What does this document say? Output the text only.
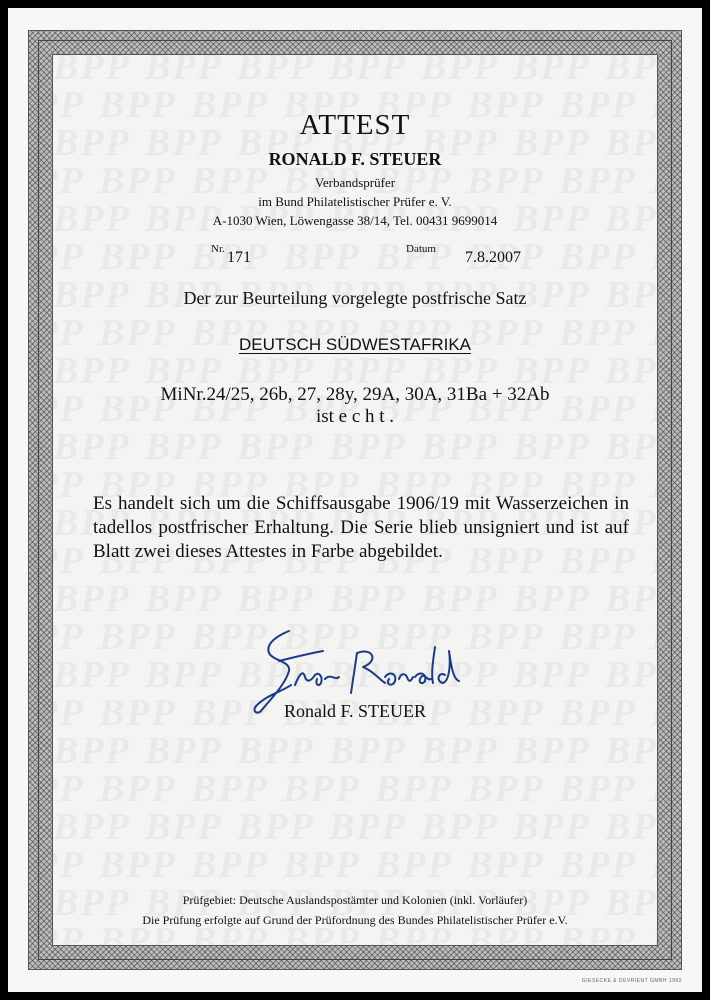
ATTEST
RONALD F. STEUER
Verbandsprüfer
im Bund Philatelistischer Prüfer e. V.
A-1030 Wien, Löwengasse 38/14, Tel. 00431 9699014
Nr. 171	Datum 7.8.2007
Der zur Beurteilung vorgelegte postfrische Satz
DEUTSCH SÜDWESTAFRIKA
MiNr.24/25, 26b, 27, 28y, 29A, 30A, 31Ba + 32Ab
ist e c h t .
Es handelt sich um die Schiffsausgabe 1906/19 mit Wasserzeichen in tadellos postfrischer Erhaltung. Die Serie blieb unsigniert und ist auf Blatt zwei dieses Attestes in Farbe abgebildet.
Ronald F. STEUER
Prüfgebiet: Deutsche Auslandspostämter und Kolonien (inkl. Vorläufer)
Die Prüfung erfolgte auf Grund der Prüfordnung des Bundes Philatelistischer Prüfer e.V.
GIESECKE & DEVRIENT GMBH 1992
